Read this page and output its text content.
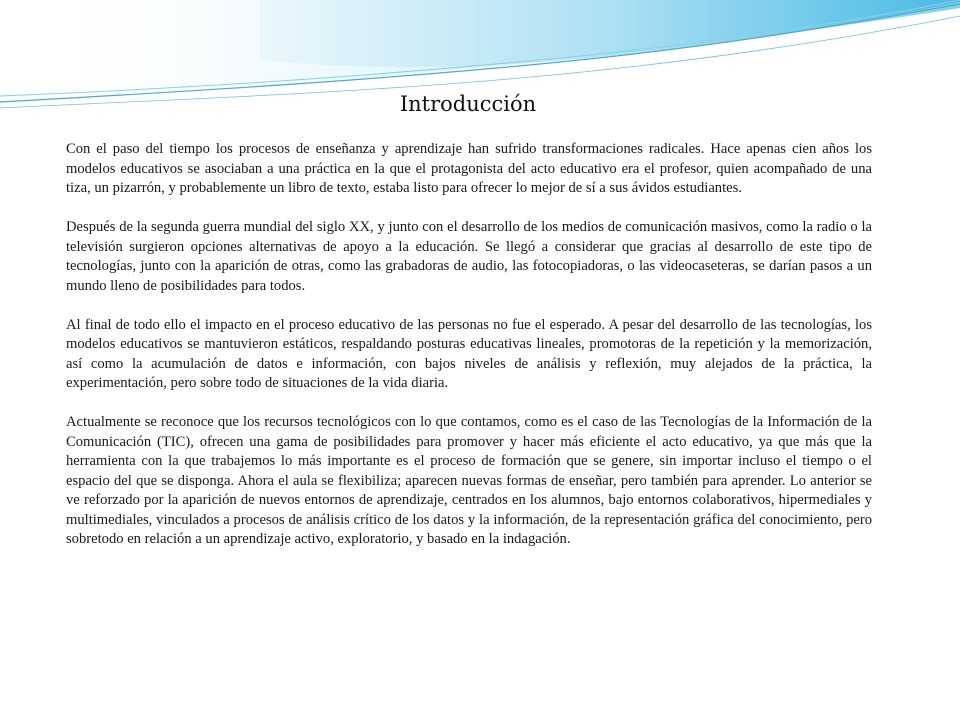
Introducción

Con el paso del tiempo los procesos de enseñanza y aprendizaje han sufrido transformaciones radicales. Hace apenas cien años los modelos educativos se asociaban a una práctica en la que el protagonista del acto educativo era el profesor, quien acompañado de una tiza, un pizarrón, y probablemente un libro de texto, estaba listo para ofrecer lo mejor de sí a sus ávidos estudiantes.

Después de la segunda guerra mundial del siglo XX, y junto con el desarrollo de los medios de comunicación masivos, como la radio o la televisión surgieron opciones alternativas de apoyo a la educación. Se llegó a considerar que gracias al desarrollo de este tipo de tecnologías, junto con la aparición de otras, como las grabadoras de audio, las fotocopiadoras, o las videocaseteras, se darían pasos a un mundo lleno de posibilidades para todos.

Al final de todo ello el impacto en el proceso educativo de las personas no fue el esperado. A pesar del desarrollo de las tecnologías, los modelos educativos se mantuvieron estáticos, respaldando posturas educativas lineales, promotoras de la repetición y la memorización, así como la acumulación de datos e información, con bajos niveles de análisis y reflexión, muy alejados de la práctica, la experimentación, pero sobre todo de situaciones de la vida diaria.

Actualmente se reconoce que los recursos tecnológicos con lo que contamos, como es el caso de las Tecnologías de la Información de la Comunicación (TIC), ofrecen una gama de posibilidades para promover y hacer más eficiente el acto educativo, ya que más que la herramienta con la que trabajemos lo más importante es el proceso de formación que se genere, sin importar incluso el tiempo o el espacio del que se disponga. Ahora el aula se flexibiliza; aparecen nuevas formas de enseñar, pero también para aprender. Lo anterior se ve reforzado por la aparición de nuevos entornos de aprendizaje, centrados en los alumnos, bajo entornos colaborativos, hipermediales y multimediales, vinculados a procesos de análisis crítico de los datos y la información, de la representación gráfica del conocimiento, pero sobretodo en relación a un aprendizaje activo, exploratorio, y basado en la indagación.
